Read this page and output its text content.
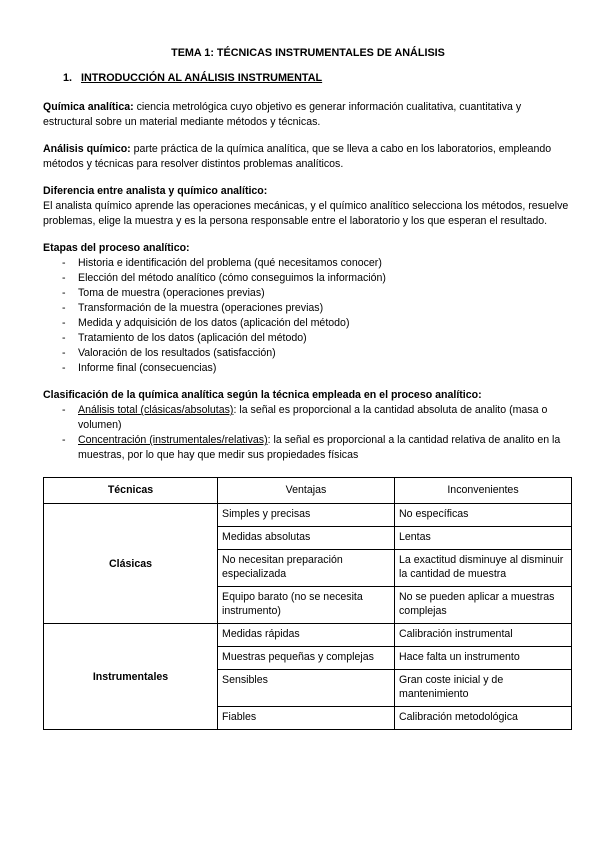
TEMA 1: TÉCNICAS INSTRUMENTALES DE ANÁLISIS

1. INTRODUCCIÓN AL ANÁLISIS INSTRUMENTAL

Química analítica: ciencia metrológica cuyo objetivo es generar información cualitativa, cuantitativa y estructural sobre un material mediante métodos y técnicas.

Análisis químico: parte práctica de la química analítica, que se lleva a cabo en los laboratorios, empleando métodos y técnicas para resolver distintos problemas analíticos.

Diferencia entre analista y químico analítico:

El analista químico aprende las operaciones mecánicas, y el químico analítico selecciona los métodos, resuelve problemas, elige la muestra y es la persona responsable entre el laboratorio y los que esperan el resultado.

Etapas del proceso analítico:

- Historia e identificación del problema (qué necesitamos conocer)
- Elección del método analítico (cómo conseguimos la información)
- Toma de muestra (operaciones previas)
- Transformación de la muestra (operaciones previas)
- Medida y adquisición de los datos (aplicación del método)
- Tratamiento de los datos (aplicación del método)
- Valoración de los resultados (satisfacción)
- Informe final (consecuencias)

Clasificación de la química analítica según la técnica empleada en el proceso analítico:

- Análisis total (clásicas/absolutas): la señal es proporcional a la cantidad absoluta de analito (masa o volumen)
- Concentración (instrumentales/relativas): la señal es proporcional a la cantidad relativa de analito en la muestras, por lo que hay que medir sus propiedades físicas
Técnicas	Ventajas	Inconvenientes
Clásicas	Simples y precisas	No específicas
	Medidas absolutas	Lentas
	No necesitan preparación especializada	La exactitud disminuye al disminuir la cantidad de muestra
	Equipo barato (no se necesita instrumento)	No se pueden aplicar a muestras complejas
Instrumentales	Medidas rápidas	Calibración instrumental
	Muestras pequeñas y complejas	Hace falta un instrumento
	Sensibles	Gran coste inicial y de mantenimiento
	Fiables	Calibración metodológica
